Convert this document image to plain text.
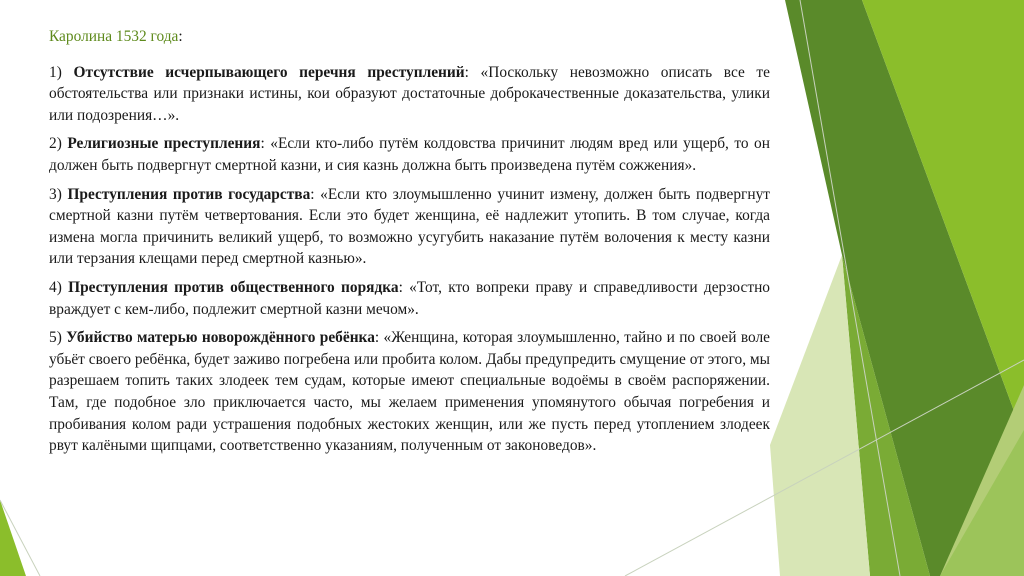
Каролина 1532 года:

1) Отсутствие исчерпывающего перечня преступлений: «Поскольку невозможно описать все те обстоятельства или признаки истины, кои образуют достаточные доброкачественные доказательства, улики или подозрения…».

2) Религиозные преступления: «Если кто-либо путём колдовства причинит людям вред или ущерб, то он должен быть подвергнут смертной казни, и сия казнь должна быть произведена путём сожжения».

3) Преступления против государства: «Если кто злоумышленно учинит измену, должен быть подвергнут смертной казни путём четвертования. Если это будет женщина, её надлежит утопить. В том случае, когда измена могла причинить великий ущерб, то возможно усугубить наказание путём волочения к месту казни или терзания клещами перед смертной казнью».

4) Преступления против общественного порядка: «Тот, кто вопреки праву и справедливости дерзостно враждует с кем-либо, подлежит смертной казни мечом».

5) Убийство матерью новорождённого ребёнка: «Женщина, которая злоумышленно, тайно и по своей воле убьёт своего ребёнка, будет заживо погребена или пробита колом. Дабы предупредить смущение от этого, мы разрешаем топить таких злодеек тем судам, которые имеют специальные водоёмы в своём распоряжении. Там, где подобное зло приключается часто, мы желаем применения упомянутого обычая погребения и пробивания колом ради устрашения подобных жестоких женщин, или же пусть перед утоплением злодеек рвут калёными щипцами, соответственно указаниям, полученным от законоведов».
